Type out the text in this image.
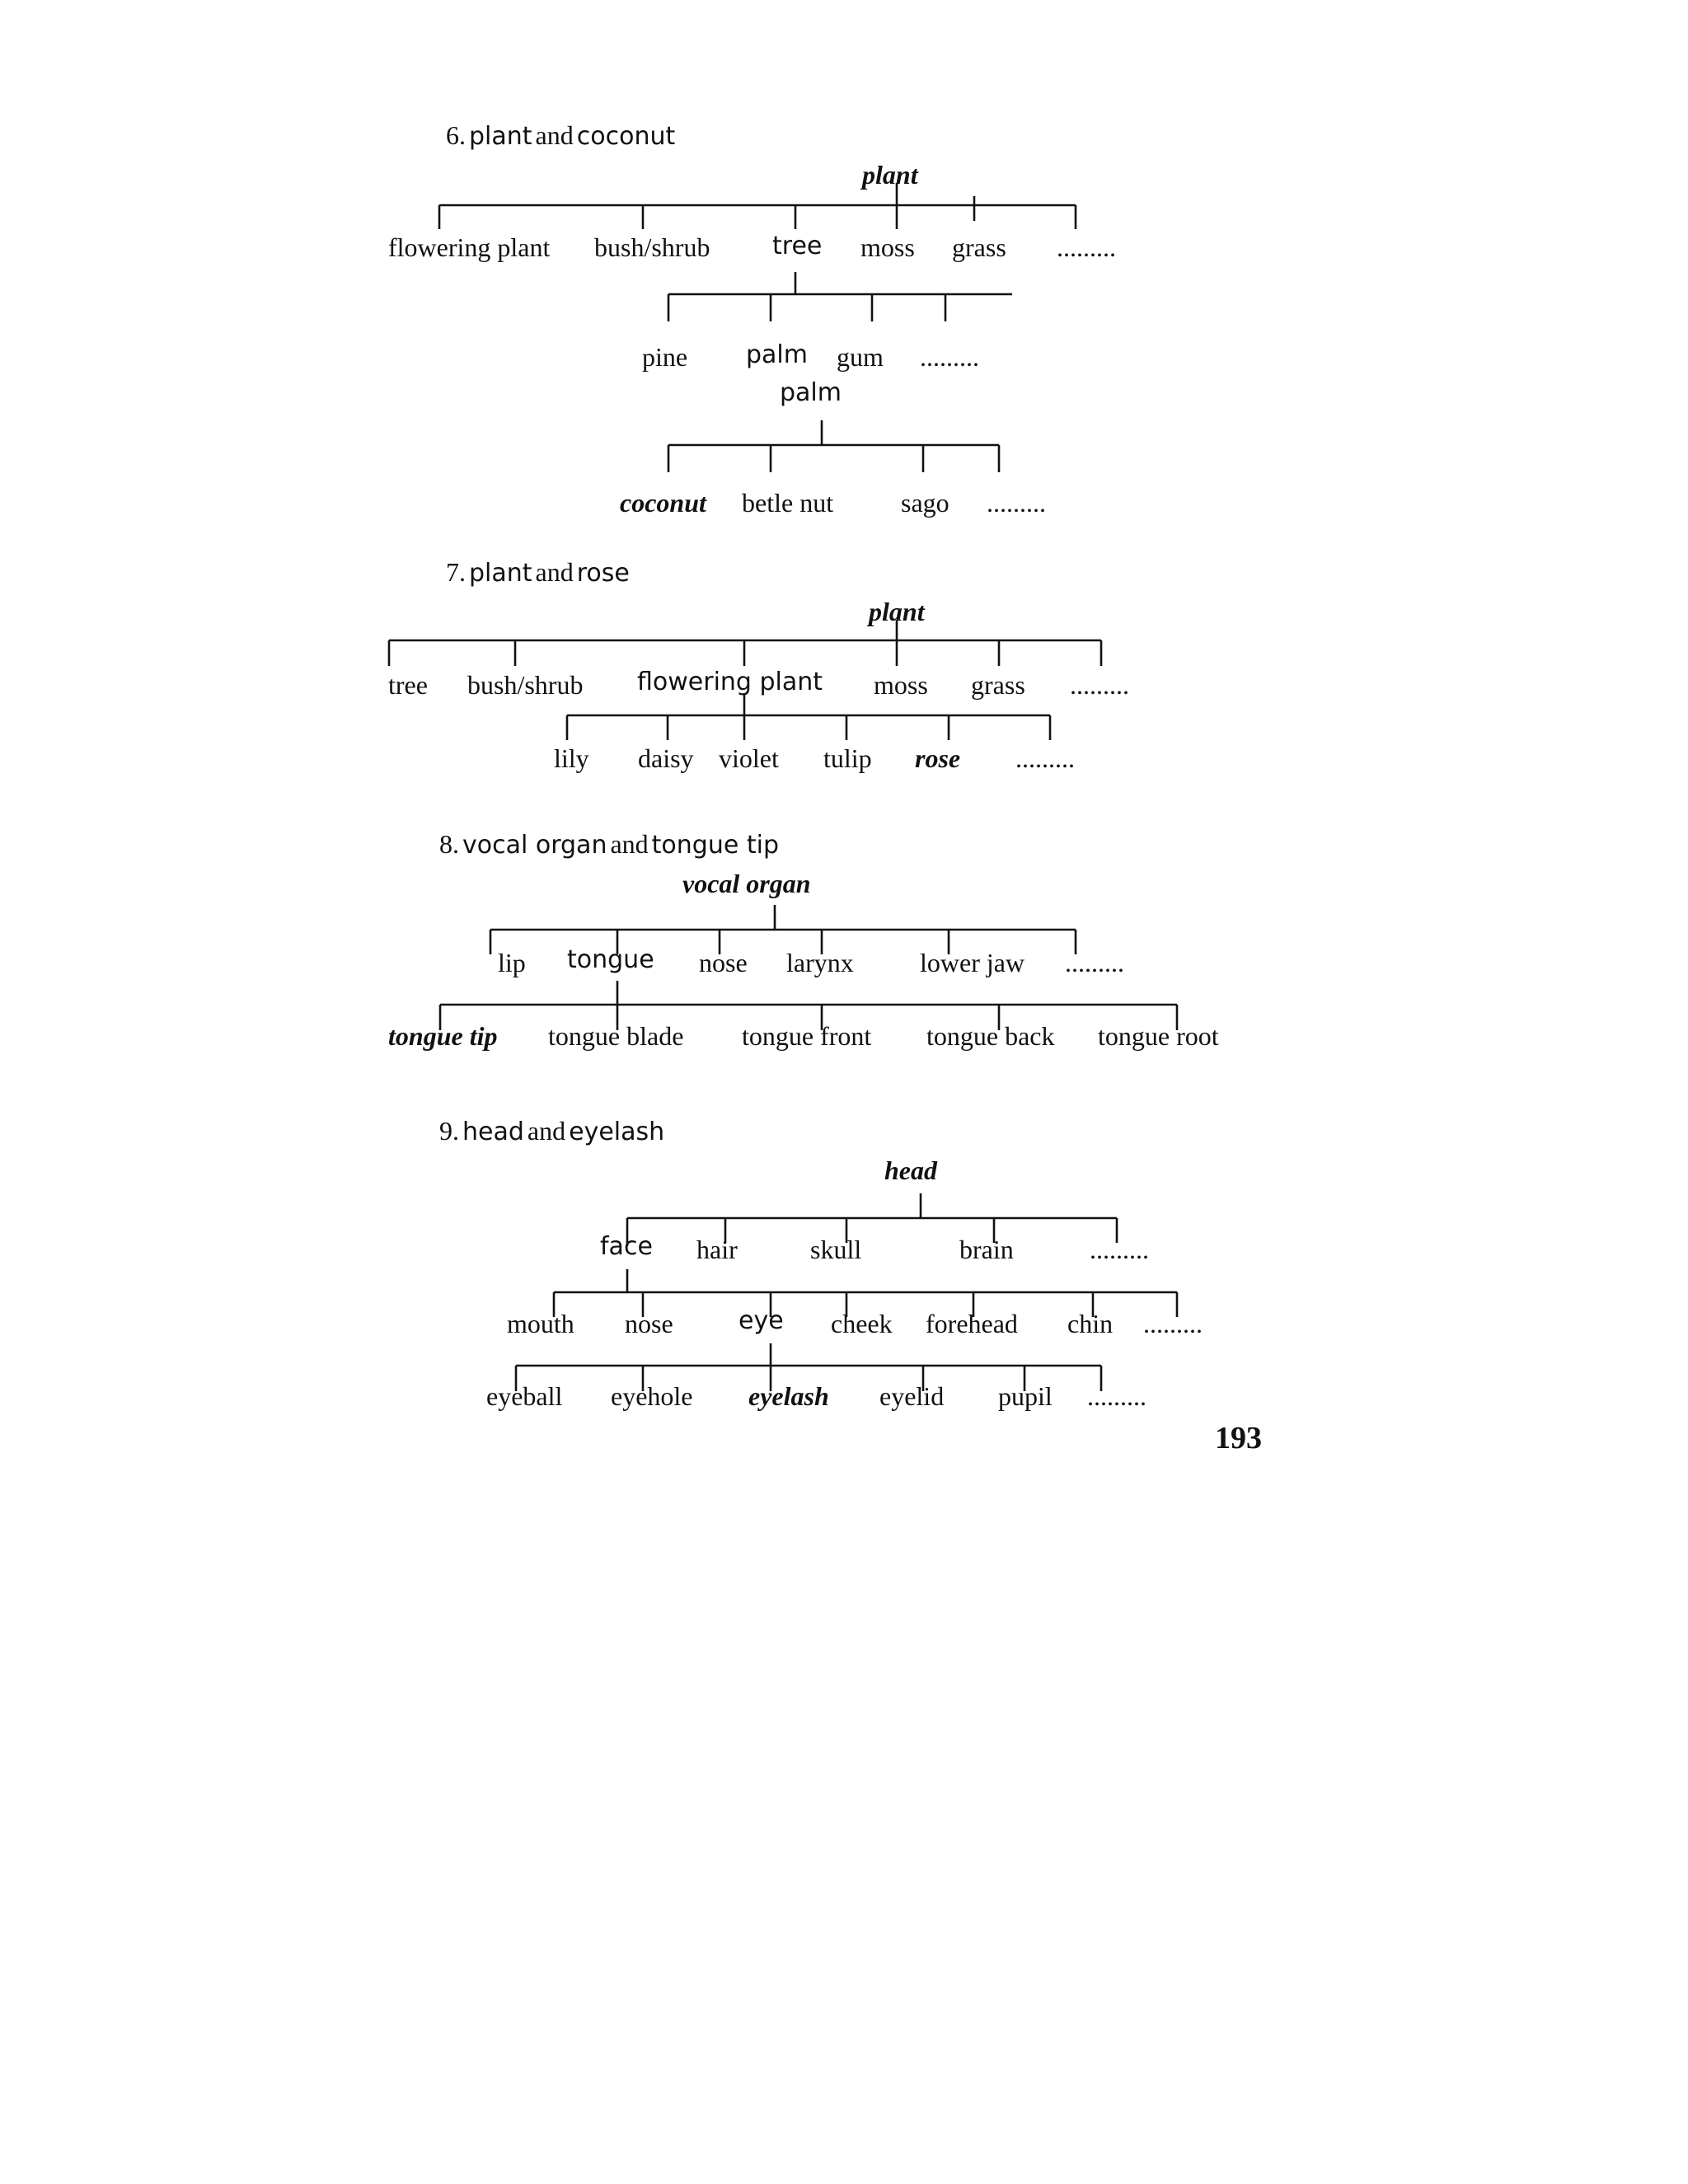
6. plant and coconut
plant
flowering plant bush/shrub	tree moss grass .........
pine palm gum .........
palm
coconut betle nut	sago .........
7. plant and rose
plant
tree bush/shrub flowering plant moss grass .........
lily daisy violet tulip rose .........
8. vocal organ and tongue tip
vocal organ
lip tongue nose larynx	lower jaw .........
tongue tip tongue blade tongue front tongue back tongue root
9. head and eyelash
head
face hair	skull	brain	.........
mouth nose	eye cheek forehead chin .........
eyeball eyehole eyelash eyelid pupil .........
193
